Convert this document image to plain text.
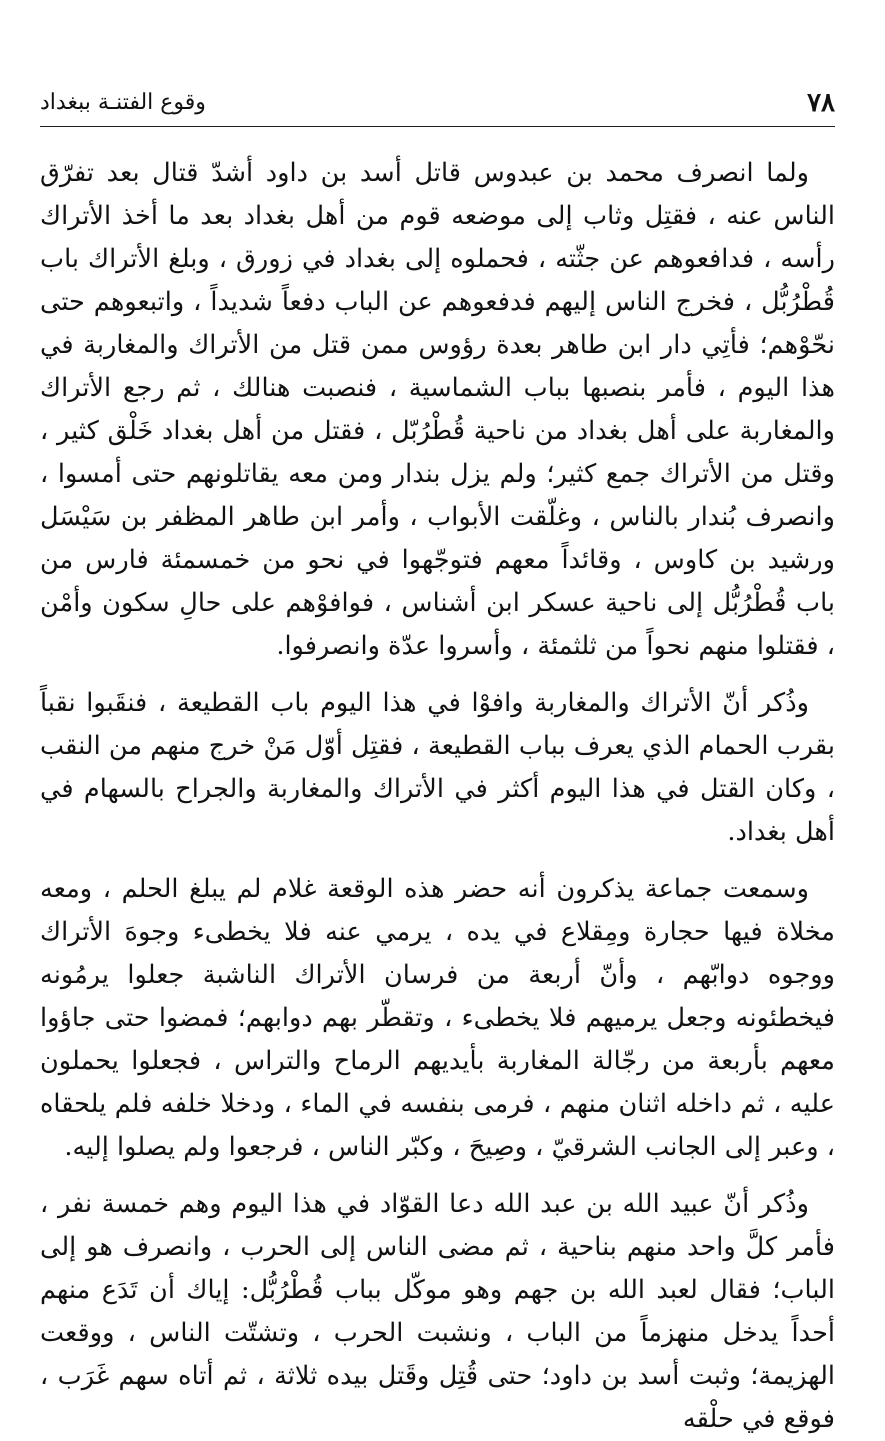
٧٨
وقوع الفتنـة ببغداد

ولما انصرف محمد بن عبدوس قاتل أسد بن داود أشدّ قتال بعد تفرّق الناس عنه ، فقتِل وثاب إلى موضعه قوم من أهل بغداد بعد ما أخذ الأتراك رأسه ، فدافعوهم عن جثّته ، فحملوه إلى بغداد في زورق ، وبلغ الأتراك باب قُطْرُبُّل ، فخرج الناس إليهم فدفعوهم عن الباب دفعاً شديداً ، واتبعوهم حتى نحّوْهم؛ فأتِي دار ابن طاهر بعدة رؤوس ممن قتل من الأتراك والمغاربة في هذا اليوم ، فأمر بنصبها بباب الشماسية ، فنصبت هنالك ، ثم رجع الأتراك والمغاربة على أهل بغداد من ناحية قُطْرُبّل ، فقتل من أهل بغداد خَلْق كثير ، وقتل من الأتراك جمع كثير؛ ولم يزل بندار ومن معه يقاتلونهم حتى أمسوا ، وانصرف بُندار بالناس ، وغلّقت الأبواب ، وأمر ابن طاهر المظفر بن سَيْسَل ورشيد بن كاوس ، وقائداً معهم فتوجّهوا في نحو من خمسمئة فارس من باب قُطْرُبُّل إلى ناحية عسكر ابن أشناس ، فوافوْهم على حالِ سكون وأمْن ، فقتلوا منهم نحواً من ثلثمئة ، وأسروا عدّة وانصرفوا.

وذُكر أنّ الأتراك والمغاربة وافوْا في هذا اليوم باب القطيعة ، فنقَبوا نقباً بقرب الحمام الذي يعرف بباب القطيعة ، فقتِل أوّل مَنْ خرج منهم من النقب ، وكان القتل في هذا اليوم أكثر في الأتراك والمغاربة والجراح بالسهام في أهل بغداد.

وسمعت جماعة يذكرون أنه حضر هذه الوقعة غلام لم يبلغ الحلم ، ومعه مخلاة فيها حجارة ومِقلاع في يده ، يرمي عنه فلا يخطىء وجوهَ الأتراك ووجوه دوابّهم ، وأنّ أربعة من فرسان الأتراك الناشبة جعلوا يرمُونه فيخطئونه وجعل يرميهم فلا يخطىء ، وتقطّر بهم دوابهم؛ فمضوا حتى جاؤوا معهم بأربعة من رجّالة المغاربة بأيديهم الرماح والتراس ، فجعلوا يحملون عليه ، ثم داخله اثنان منهم ، فرمى بنفسه في الماء ، ودخلا خلفه فلم يلحقاه ، وعبر إلى الجانب الشرقيّ ، وصِيحَ ، وكبّر الناس ، فرجعوا ولم يصلوا إليه.

وذُكر أنّ عبيد الله بن عبد الله دعا القوّاد في هذا اليوم وهم خمسة نفر ، فأمر كلَّ واحد منهم بناحية ، ثم مضى الناس إلى الحرب ، وانصرف هو إلى الباب؛ فقال لعبد الله بن جهم وهو موكّل بباب قُطْرُبُّل: إياك أن تَدَع منهم أحداً يدخل منهزماً من الباب ، ونشبت الحرب ، وتشتّت الناس ، ووقعت الهزيمة؛ وثبت أسد بن داود؛ حتى قُتِل وقَتل بيده ثلاثة ، ثم أتاه سهم غَرَب ، فوقع في حلْقه
